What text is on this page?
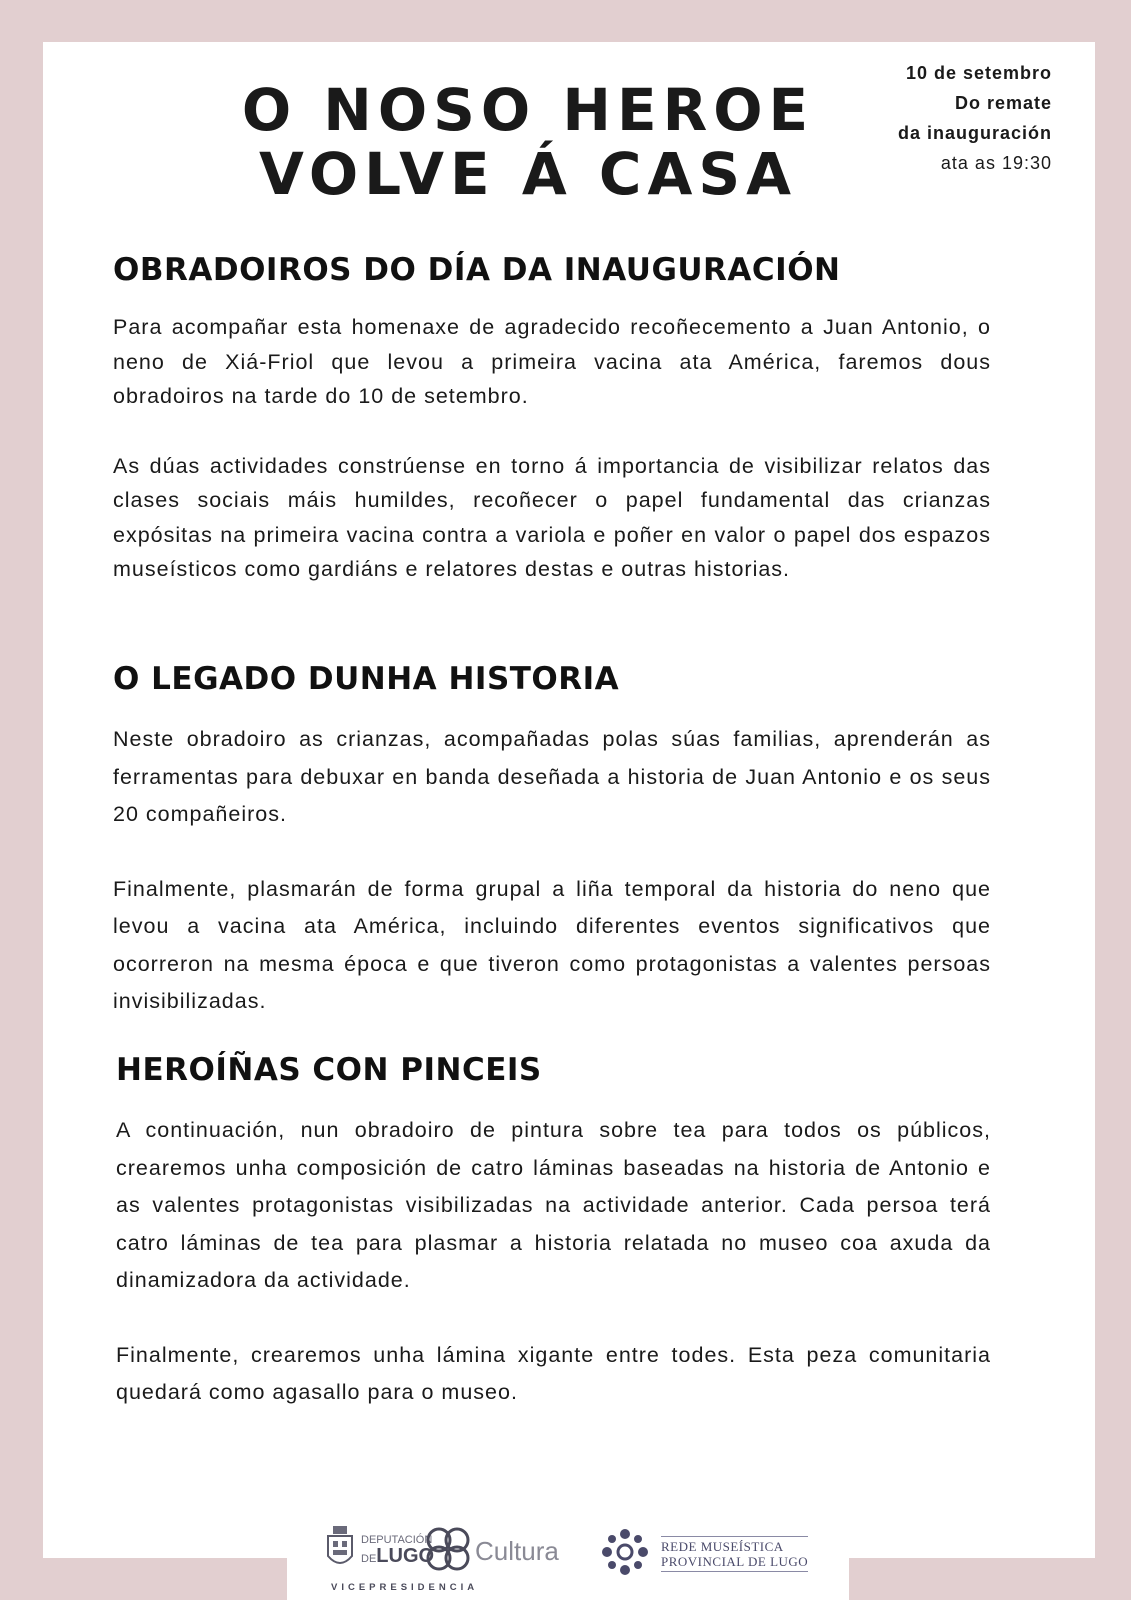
10 de setembro
Do remate
da inauguración
ata as 19:30
O NOSO HEROE
VOLVE Á CASA
OBRADOIROS DO DÍA DA INAUGURACIÓN

Para acompañar esta homenaxe de agradecido recoñecemento a Juan Antonio, o neno de Xiá-Friol que levou a primeira vacina ata América, faremos dous obradoiros na tarde do 10 de setembro.

As dúas actividades constrúense en torno á importancia de visibilizar relatos das clases sociais máis humildes, recoñecer o papel fundamental das crianzas expósitas na primeira vacina contra a variola e poñer en valor o papel dos espazos museísticos como gardiáns e relatores destas e outras historias.

O LEGADO DUNHA HISTORIA

Neste obradoiro as crianzas, acompañadas polas súas familias, aprenderán as ferramentas para debuxar en banda deseñada a historia de Juan Antonio e os seus 20 compañeiros.

Finalmente, plasmarán de forma grupal a liña temporal da historia do neno que levou a vacina ata América, incluindo diferentes eventos significativos que ocorreron na mesma época e que tiveron como protagonistas a valentes persoas invisibilizadas.

HEROÍÑAS CON PINCEIS

A continuación, nun obradoiro de pintura sobre tea para todos os públicos, crearemos unha composición de catro láminas baseadas na historia de Antonio e as valentes protagonistas visibilizadas na actividade anterior. Cada persoa terá catro láminas de tea para plasmar a historia relatada no museo coa axuda da dinamizadora da actividade.

Finalmente, crearemos unha lámina xigante entre todes. Esta peza comunitaria quedará como agasallo para o museo.

DEPUTACIÓN
DELUGO Cultura
VICEPRESIDENCIA
REDE MUSEÍSTICA
PROVINCIAL DE LUGO
